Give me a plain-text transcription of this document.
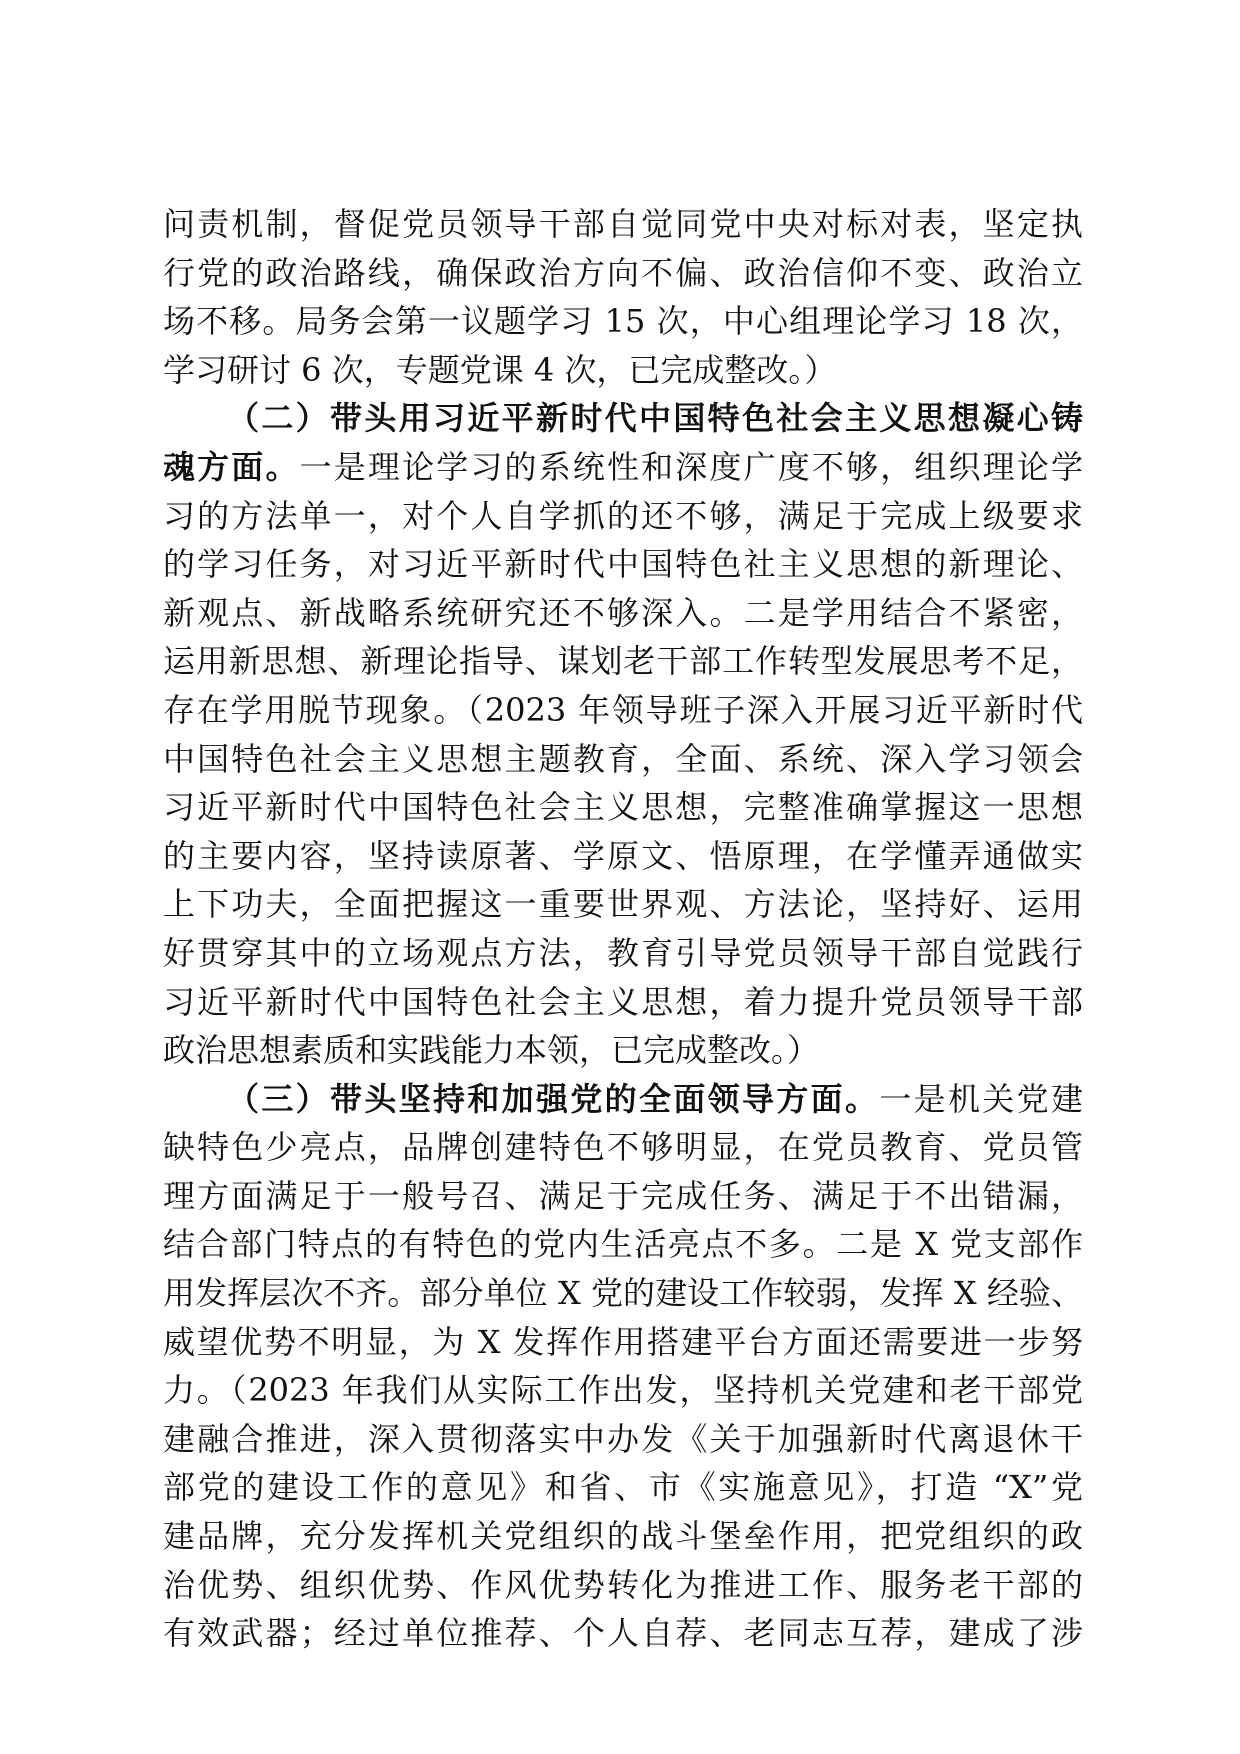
问责机制，督促党员领导干部自觉同党中央对标对表，坚定执
行党的政治路线，确保政治方向不偏、政治信仰不变、政治立
场不移。局务会第一议题学习 15 次，中心组理论学习 18 次，
学习研讨 6 次，专题党课 4 次，已完成整改。）
（二）带头用习近平新时代中国特色社会主义思想凝心铸
魂方面。一是理论学习的系统性和深度广度不够，组织理论学
习的方法单一，对个人自学抓的还不够，满足于完成上级要求
的学习任务，对习近平新时代中国特色社主义思想的新理论、
新观点、新战略系统研究还不够深入。二是学用结合不紧密，
运用新思想、新理论指导、谋划老干部工作转型发展思考不足，
存在学用脱节现象。（2023 年领导班子深入开展习近平新时代
中国特色社会主义思想主题教育，全面、系统、深入学习领会
习近平新时代中国特色社会主义思想，完整准确掌握这一思想
的主要内容，坚持读原著、学原文、悟原理，在学懂弄通做实
上下功夫，全面把握这一重要世界观、方法论，坚持好、运用
好贯穿其中的立场观点方法，教育引导党员领导干部自觉践行
习近平新时代中国特色社会主义思想，着力提升党员领导干部
政治思想素质和实践能力本领，已完成整改。）
（三）带头坚持和加强党的全面领导方面。一是机关党建
缺特色少亮点，品牌创建特色不够明显，在党员教育、党员管
理方面满足于一般号召、满足于完成任务、满足于不出错漏，
结合部门特点的有特色的党内生活亮点不多。二是 X 党支部作
用发挥层次不齐。部分单位 X 党的建设工作较弱，发挥 X 经验、
威望优势不明显，为 X 发挥作用搭建平台方面还需要进一步努
力。（2023 年我们从实际工作出发，坚持机关党建和老干部党
建融合推进，深入贯彻落实中办发《关于加强新时代离退休干
部党的建设工作的意见》和省、市《实施意见》，打造 “X”党
建品牌，充分发挥机关党组织的战斗堡垒作用，把党组织的政
治优势、组织优势、作风优势转化为推进工作、服务老干部的
有效武器；经过单位推荐、个人自荐、老同志互荐，建成了涉
